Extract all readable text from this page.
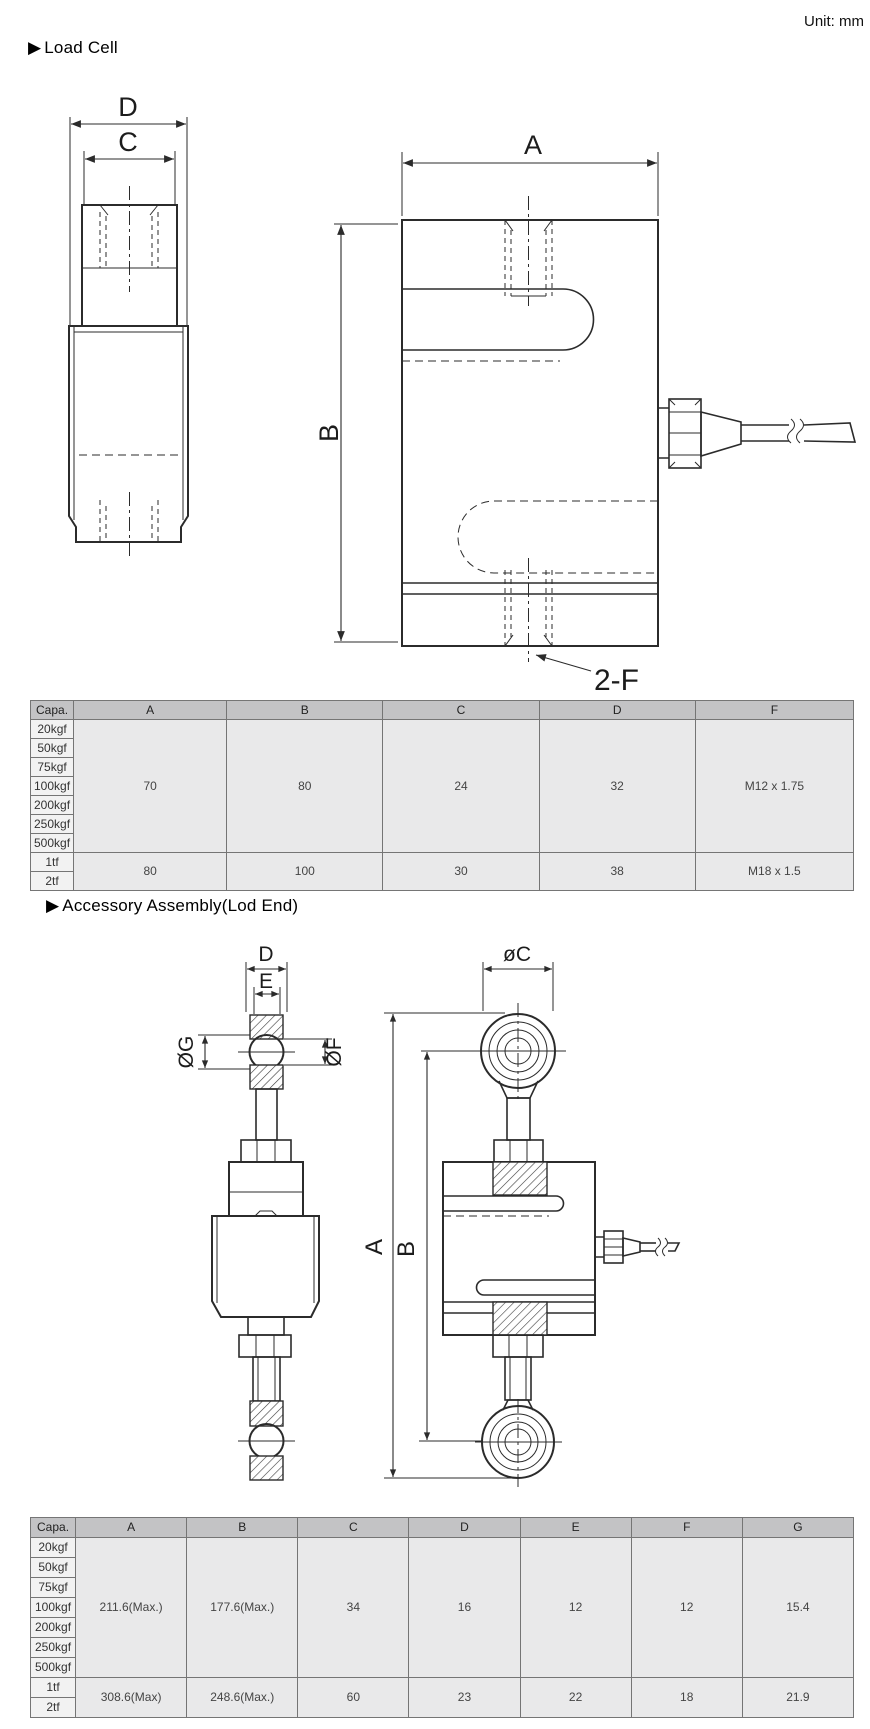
Unit: mm
▶ Load Cell
D
C	A
B
2-F
Capa.	A	B	C	D	F
20kgf	70	80	24	32	M12 x 1.75
50kgf					
75kgf					
100kgf					
200kgf					
250kgf					
500kgf					
1tf	80	100	30	38	M18 x 1.5
2tf					
▶ Accessory Assembly(Lod End)
D
E
ØG	ØF
øC
A B
Capa.	A	B	C	D	E	F	G
20kgf	211.6(Max.)	177.6(Max.)	34	16	12	12	15.4
50kgf							
75kgf							
100kgf							
200kgf							
250kgf							
500kgf							
1tf	308.6(Max)	248.6(Max.)	60	23	22	18	21.9
2tf							
